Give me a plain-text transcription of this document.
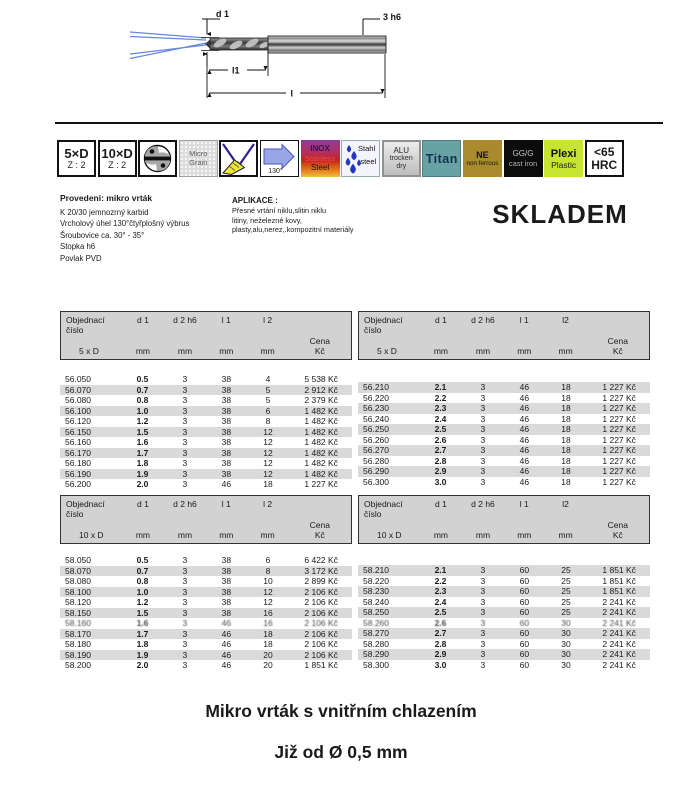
d 1	3 h6
l1
l
5×D
Z : 2
10×D
Z : 2
Micro
Grain
130°
INOX
Stainless
Steel
Stahl
steel
ALU
trocken
dry
Titan NE
non ferrous
GG/G
cast iron
Plexi
Plastic
<65
HRC
Provedeni: mikro vrták
K 20/30 jemnozrný karbid
Vrcholový úhel 130°čtyřplošný výbrus
Šroubovice ca. 30° - 35°
Stopka h6
Povlak PVD
APLIKACE :
Přesné vrtání niklu,slitin niklu
litiny, neželezné kovy,
plasty,alu,nerez,.kompozitní materiály
SKLADEM
Objednací	d 1	d 2 h6	l 1	l 2
číslo
Cena
5 x D	mm	mm	mm	mm	Kč
56.050	0.5	3	38	4	5 538 Kč
56.070	0.7	3	38	5	2 912 Kč
56.080	0.8	3	38	5	2 379 Kč
56.100	1.0	3	38	6	1 482 Kč
56.120	1.2	3	38	8	1 482 Kč
56.150	1.5	3	38	12	1 482 Kč
56.160	1.6	3	38	12	1 482 Kč
56.170	1.7	3	38	12	1 482 Kč
56.180	1.8	3	38	12	1 482 Kč
56.190	1.9	3	38	12	1 482 Kč
56.200	2.0	3	46	18	1 227 Kč
Objednací	d 1	d 2 h6	l 1	l2
číslo
Cena
5 x D	mm	mm	mm	mm	Kč
56.210	2.1	3	46	18	1 227 Kč
56.220	2.2	3	46	18	1 227 Kč
56.230	2.3	3	46	18	1 227 Kč
56.240	2.4	3	46	18	1 227 Kč
56.250	2.5	3	46	18	1 227 Kč
56.260	2.6	3	46	18	1 227 Kč
56.270	2.7	3	46	18	1 227 Kč
56.280	2.8	3	46	18	1 227 Kč
56.290	2.9	3	46	18	1 227 Kč
56.300	3.0	3	46	18	1 227 Kč
Objednací	d 1	d 2 h6	l 1	l 2
číslo
Cena
10 x D	mm	mm	mm	mm	Kč
58.050	0.5	3	38	6	6 422 Kč
58.070	0.7	3	38	8	3 172 Kč
58.080	0.8	3	38	10	2 899 Kč
58.100	1.0	3	38	12	2 106 Kč
58.120	1.2	3	38	12	2 106 Kč
58.150	1.5	3	38	16	2 106 Kč
58.160	1.6	3	46	16	2 106 Kč
58.170	1.7	3	46	18	2 106 Kč
58.180	1.8	3	46	18	2 106 Kč
58.190	1.9	3	46	20	2 106 Kč
58.200	2.0	3	46	20	1 851 Kč
Objednací	d 1	d 2 h6	l 1	l2
číslo
Cena
10 x D	mm	mm	mm	mm	Kč
58.210	2.1	3	60	25	1 851 Kč
58.220	2.2	3	60	25	1 851 Kč
58.230	2.3	3	60	25	1 851 Kč
58.240	2.4	3	60	25	2 241 Kč
58.250	2.5	3	60	25	2 241 Kč
58.260	2.6	3	60	30	2 241 Kč
58.270	2.7	3	60	30	2 241 Kč
58.280	2.8	3	60	30	2 241 Kč
58.290	2.9	3	60	30	2 241 Kč
58.300	3.0	3	60	30	2 241 Kč
Mikro vrták s vnitřním chlazením
Již od Ø 0,5 mm
